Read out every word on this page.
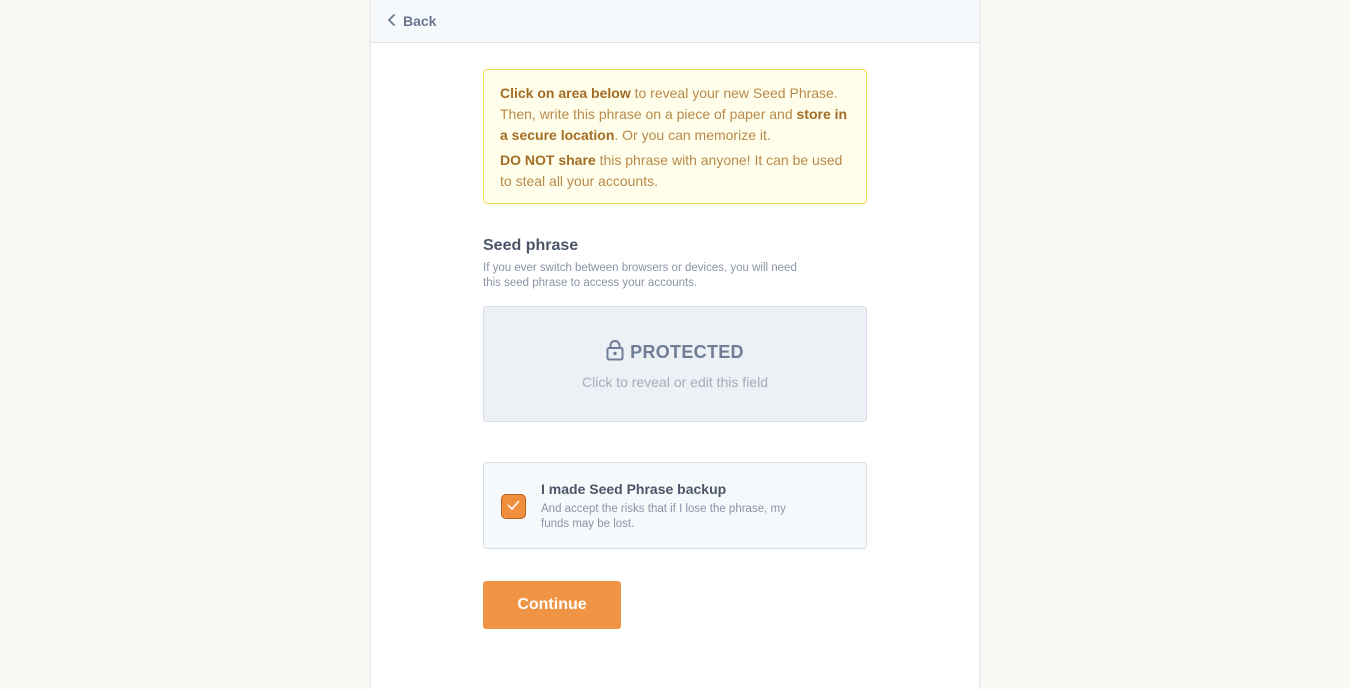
Back

Click on area below to reveal your new Seed Phrase. Then, write this phrase on a piece of paper and store in a secure location. Or you can memorize it.

DO NOT share this phrase with anyone! It can be used to steal all your accounts.

Seed phrase
If you ever switch between browsers or devices, you will need this seed phrase to access your accounts.
PROTECTED
Click to reveal or edit this field
I made Seed Phrase backup
And accept the risks that if I lose the phrase, my funds may be lost.
Continue
